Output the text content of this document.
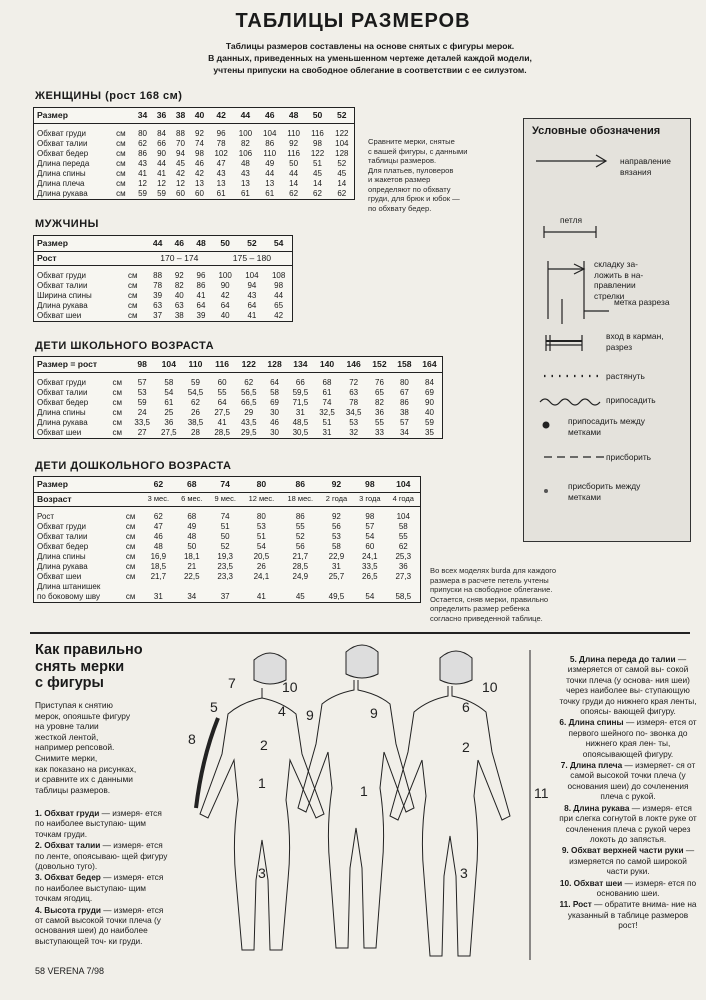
ТАБЛИЦЫ РАЗМЕРОВ
Таблицы размеров составлены на основе снятых с фигуры мерок.
В данных, приведенных на уменьшенном чертеже деталей каждой модели,
учтены припуски на свободное облегание в соответствии с ее силуэтом.
ЖЕНЩИНЫ (рост 168 см)
Размер		34	36	38	40	42	44	46	48	50	52

Обхват груди	см	80	84	88	92	96	100	104	110	116	122
Обхват талии	см	62	66	70	74	78	82	86	92	98	104
Обхват бедер	см	86	90	94	98	102	106	110	116	122	128
Длина переда	см	43	44	45	46	47	48	49	50	51	52
Длина спины	см	41	41	42	42	43	43	44	44	45	45
Длина плеча	см	12	12	12	13	13	13	13	14	14	14
Длина рукава	см	59	59	60	60	61	61	61	62	62	62
Сравните мерки, снятые
с вашей фигуры, с данными
таблицы размеров.
Для платьев, пуловеров
и жакетов размер
определяют по обхвату
груди, для брюк и юбок —
по обхвату бедер.
МУЖЧИНЫ
Размер		44	46	48	50	52	54
Рост		170 – 174			175 – 180		

Обхват груди	см	88	92	96	100	104	108
Обхват талии	см	78	82	86	90	94	98
Ширина спины	см	39	40	41	42	43	44
Длина рукава	см	63	63	64	64	64	65
Обхват шеи	см	37	38	39	40	41	42
ДЕТИ ШКОЛЬНОГО ВОЗРАСТА
Размер = рост		98	104	110	116	122	128	134	140	146	152	158	164

Обхват груди	см	57	58	59	60	62	64	66	68	72	76	80	84
Обхват талии	см	53	54	54,5	55	56,5	58	59,5	61	63	65	67	69
Обхват бедер	см	59	61	62	64	66,5	69	71,5	74	78	82	86	90
Длина спины	см	24	25	26	27,5	29	30	31	32,5	34,5	36	38	40
Длина рукава	см	33,5	36	38,5	41	43,5	46	48,5	51	53	55	57	59
Обхват шеи	см	27	27,5	28	28,5	29,5	30	30,5	31	32	33	34	35
ДЕТИ ДОШКОЛЬНОГО ВОЗРАСТА
Размер		62	68	74	80	86	92	98	104
Возраст		3 мес.	6 мес.	9 мес.	12 мес.	18 мес.	2 года	3 года	4 года

Рост	см	62	68	74	80	86	92	98	104
Обхват груди	см	47	49	51	53	55	56	57	58
Обхват талии	см	46	48	50	51	52	53	54	55
Обхват бедер	см	48	50	52	54	56	58	60	62
Длина спины	см	16,9	18,1	19,3	20,5	21,7	22,9	24,1	25,3
Длина рукава	см	18,5	21	23,5	26	28,5	31	33,5	36
Обхват шеи	см	21,7	22,5	23,3	24,1	24,9	25,7	26,5	27,3
Длина штанишек									
по боковому шву	см	31	34	37	41	45	49,5	54	58,5
Во всех моделях burda для каждого
размера в расчете петель учтены
припуски на свободное облегание.
Остается, сняв мерки, правильно
определить размер ребенка
согласно приведенной таблице.
Условные обозначения
направление
вязания
петля
складку за-
ложить в на-
правлении
стрелки
метка разреза
вход в карман,
разрез
растянуть
припосадить
припосадить между
метками
присборить
присборить между
метками
Как правильно
снять мерки
с фигуры
Приступая к снятию
мерок, опояшьте фигуру
на уровне талии
жесткой лентой,
например репсовой.
Снимите мерки,
как показано на рисунках,
и сравните их с данными
таблицы размеров.
1. Обхват груди — измеря- ется по наиболее выступаю- щим точкам груди.
2. Обхват талии — измеря- ется по ленте, опоясываю- щей фигуру (довольно туго).
3. Обхват бедер — измеря- ется по наиболее выступаю- щим точкам ягодиц.
4. Высота груди — измеря- ется от самой высокой точки плеча (у основания шеи) до наиболее выступающей точ- ки груди.
5. Длина переда до талии — измеряется от самой вы- сокой точки плеча (у основа- ния шеи) через наиболее вы- ступающую точку груди до нижнего края ленты, опоясы- вающей фигуру.
6. Длина спины — измеря- ется от первого шейного по- звонка до нижнего края лен- ты, опоясывающей фигуру.
7. Длина плеча — измеряет- ся от самой высокой точки плеча (у основания шеи) до сочленения плеча с рукой.
8. Длина рукава — измеря- ется при слегка согнутой в локте руке от сочленения плеча с рукой через локоть до запястья.
9. Обхват верхней части руки — измеряется по самой широкой части руки.
10. Обхват шеи — измеря- ется по основанию шеи.
11. Рост — обратите внима- ние на указанный в таблице размеров рост!
7	10
5	4 9
8	2
1
3
1
9
10
6
2
3
11
58 VERENA 7/98
